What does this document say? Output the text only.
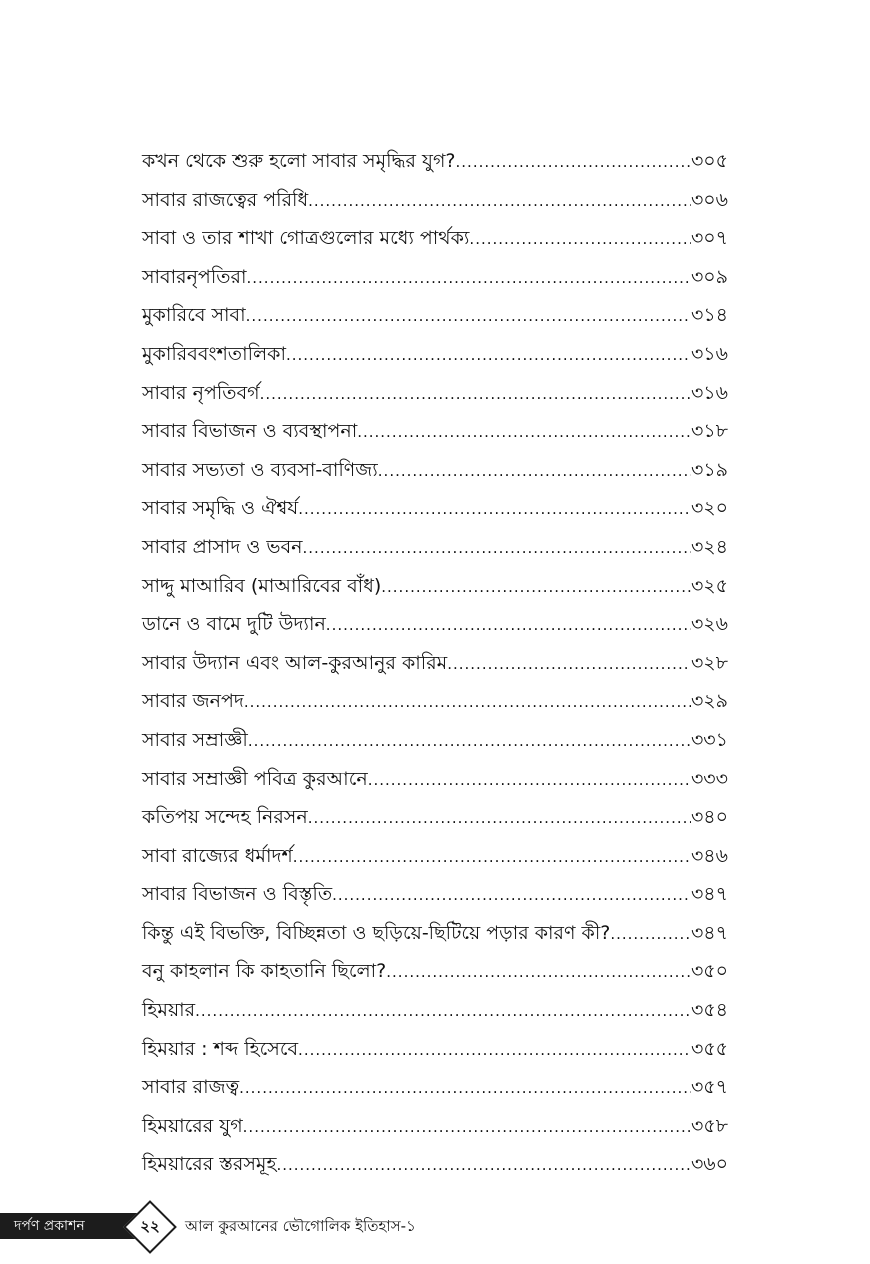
কখন থেকে শুরু হলো সাবার সমৃদ্ধির যুগ? .....	৩০৫
সাবার রাজত্বের পরিধি .....	৩০৬
সাবা ও তার শাখা গোত্রগুলোর মধ্যে পার্থক্য .....	৩০৭
সাবারনৃপতিরা .....	৩০৯
মুকারিবে সাবা .....	৩১৪
মুকারিববংশতালিকা .....	৩১৬
সাবার নৃপতিবর্গ .....	৩১৬
সাবার বিভাজন ও ব্যবস্থাপনা .....	৩১৮
সাবার সভ্যতা ও ব্যবসা-বাণিজ্য .....	৩১৯
সাবার সমৃদ্ধি ও ঐশ্বর্য .....	৩২০
সাবার প্রাসাদ ও ভবন .....	৩২৪
সাদ্দু মাআরিব (মাআরিবের বাঁধ) .....	৩২৫
ডানে ও বামে দুটি উদ্যান .....	৩২৬
সাবার উদ্যান এবং আল-কুরআনুর কারিম .....	৩২৮
সাবার জনপদ .....	৩২৯
সাবার সম্রাজ্ঞী .....	৩৩১
সাবার সম্রাজ্ঞী পবিত্র কুরআনে .....	৩৩৩
কতিপয় সন্দেহ নিরসন .....	৩৪০
সাবা রাজ্যের ধর্মাদর্শ .....	৩৪৬
সাবার বিভাজন ও বিস্তৃতি .....	৩৪৭
কিন্তু এই বিভক্তি, বিচ্ছিন্নতা ও ছড়িয়ে-ছিটিয়ে পড়ার কারণ কী? .....	৩৪৭
বনু কাহলান কি কাহতানি ছিলো? .....	৩৫০
হিময়ার .....	৩৫৪
হিময়ার : শব্দ হিসেবে .....	৩৫৫
সাবার রাজত্ব .....	৩৫৭
হিময়ারের যুগ .....	৩৫৮
হিময়ারের স্তরসমূহ .....	৩৬০
দর্পণ প্রকাশন	২২	আল কুরআনের ভৌগোলিক ইতিহাস-১
